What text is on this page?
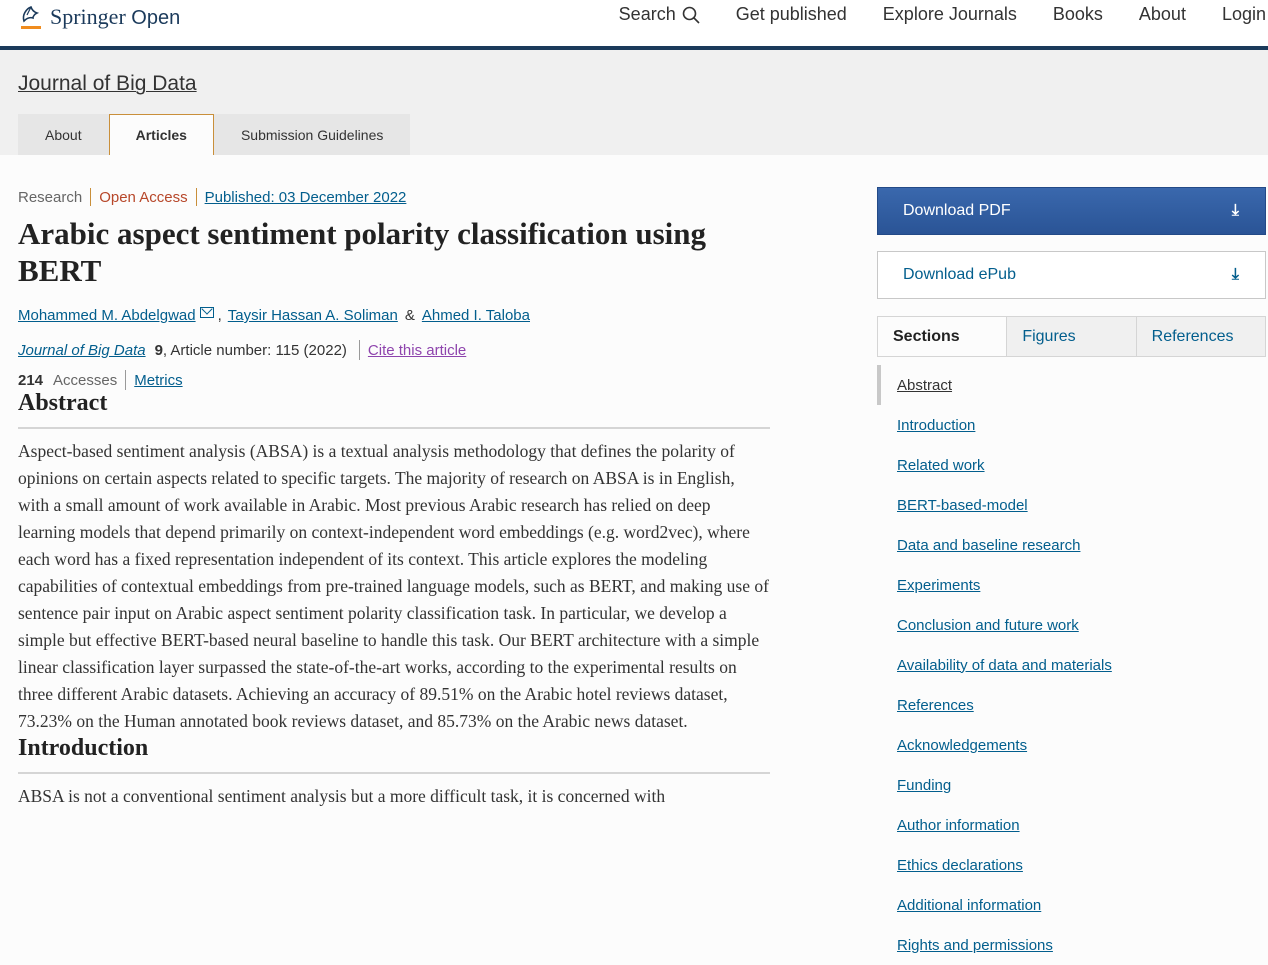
Springer Open	Search	Get published Explore Journals Books About Login
Journal of Big Data
About	Articles	Submission Guidelines
Research Open Access Published: 03 December 2022
Arabic aspect sentiment polarity classification using BERT
Mohammed M. Abdelgwad , Taysir Hassan A. Soliman & Ahmed I. Taloba
Journal of Big Data 9 , Article number: 115 (2022) Cite this article
214 Accesses Metrics
Abstract

Aspect-based sentiment analysis (ABSA) is a textual analysis methodology that defines the polarity of opinions on certain aspects related to specific targets. The majority of research on ABSA is in English, with a small amount of work available in Arabic. Most previous Arabic research has relied on deep learning models that depend primarily on context-independent word embeddings (e.g. word2vec), where each word has a fixed representation independent of its context. This article explores the modeling capabilities of contextual embeddings from pre-trained language models, such as BERT, and making use of sentence pair input on Arabic aspect sentiment polarity classification task. In particular, we develop a simple but effective BERT-based neural baseline to handle this task. Our BERT architecture with a simple linear classification layer surpassed the state-of-the-art works, according to the experimental results on three different Arabic datasets. Achieving an accuracy of 89.51% on the Arabic hotel reviews dataset, 73.23% on the Human annotated book reviews dataset, and 85.73% on the Arabic news dataset.

Introduction

ABSA is not a conventional sentiment analysis but a more difficult task, it is concerned with

Download PDF	⤓
Download ePub	⤓
Sections	Figures	References
Abstract
Introduction
Related work
BERT-based-model
Data and baseline research
Experiments
Conclusion and future work
Availability of data and materials
References
Acknowledgements
Funding
Author information
Ethics declarations
Additional information
Rights and permissions
